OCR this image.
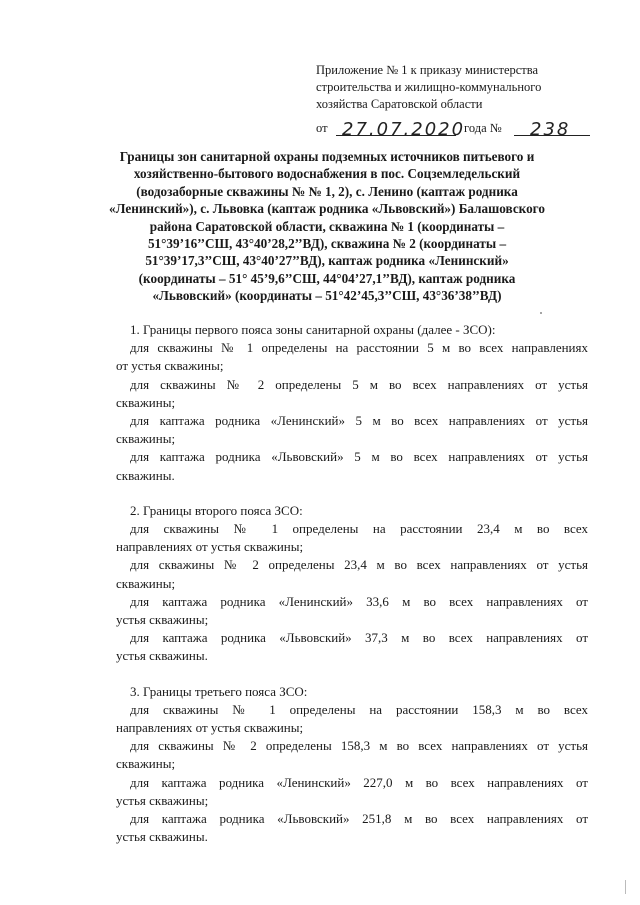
Приложение № 1 к приказу министерства
строительства и жилищно-коммунального
хозяйства Саратовской области
от 27.07.2020
года № 238
Границы зон санитарной охраны подземных источников питьевого и
хозяйственно-бытового водоснабжения в пос. Соцземледельский
(водозаборные скважины № № 1, 2), с. Ленино (каптаж родника
«Ленинский»), с. Львовка (каптаж родника «Львовский») Балашовского
района Саратовской области, скважина № 1 (координаты –
51°39’16’’СШ, 43°40’28,2’’ВД), скважина № 2 (координаты –
51°39’17,3’’СШ, 43°40’27’’ВД), каптаж родника «Ленинский»
(координаты – 51° 45’9,6’’СШ, 44°04’27,1’’ВД), каптаж родника
«Львовский» (координаты – 51°42’45,3’’СШ, 43°36’38’’ВД)
1. Границы первого пояса зоны санитарной охраны (далее - ЗСО):
для скважины № 1 определены на расстоянии 5 м во всех направлениях
от устья скважины;
для скважины № 2 определены 5 м во всех направлениях от устья
скважины;
для каптажа родника «Ленинский» 5 м во всех направлениях от устья
скважины;
для каптажа родника «Львовский» 5 м во всех направлениях от устья
скважины.
2. Границы второго пояса ЗСО:
для скважины № 1 определены на расстоянии 23,4 м во всех
направлениях от устья скважины;
для скважины № 2 определены 23,4 м во всех направлениях от устья
скважины;
для каптажа родника «Ленинский» 33,6 м во всех направлениях от
устья скважины;
для каптажа родника «Львовский» 37,3 м во всех направлениях от
устья скважины.
3. Границы третьего пояса ЗСО:
для скважины № 1 определены на расстоянии 158,3 м во всех
направлениях от устья скважины;
для скважины № 2 определены 158,3 м во всех направлениях от устья
скважины;
для каптажа родника «Ленинский» 227,0 м во всех направлениях от
устья скважины;
для каптажа родника «Львовский» 251,8 м во всех направлениях от
устья скважины.
